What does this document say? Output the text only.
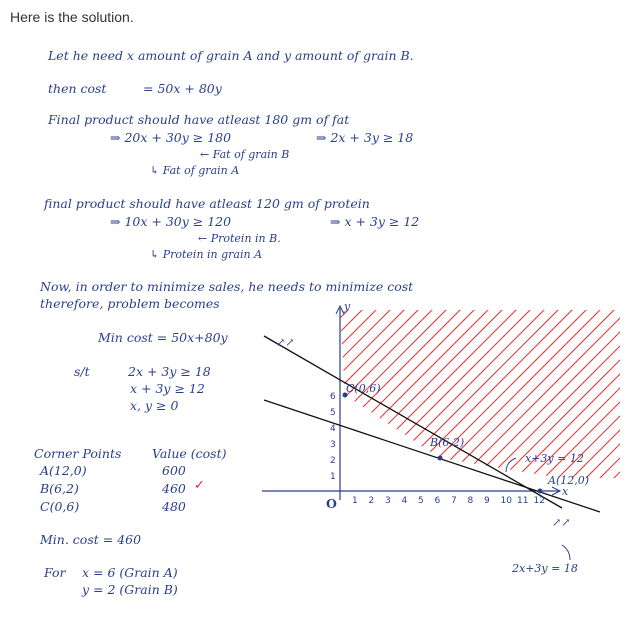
Here is the solution.
Let he need x amount of grain A and y amount of grain B.
then cost	= 50x + 80y
Final product should have atleast 180 gm of fat
⇒ 20x + 30y ≥ 180	⇒ 2x + 3y ≥ 18
← Fat of grain B
↳ Fat of grain A
final product should have atleast 120 gm of protein
⇒ 10x + 30y ≥ 120	⇒ x + 3y ≥ 12
← Protein in B.
↳ Protein in grain A
Now, in order to minimize sales, he needs to minimize cost
therefore, problem becomes
Min cost = 50x+80y
s/t	2x + 3y ≥ 18
x + 3y ≥ 12
x, y ≥ 0
Corner Points Value (cost)
A(12,0)	600
B(6,2)	460 ✓
C(0,6)	480
Min. cost = 460
For x = 6 (Grain A)
y = 2 (Grain B)
y
x
O
C(0,6)
B(6,2)
A(12,0)
x+3y = 12
2x+3y = 18
↗↗
↗↗
1 2 3 4 5 6 7 8 9 10 11 12
1
2
3
4
5
6
